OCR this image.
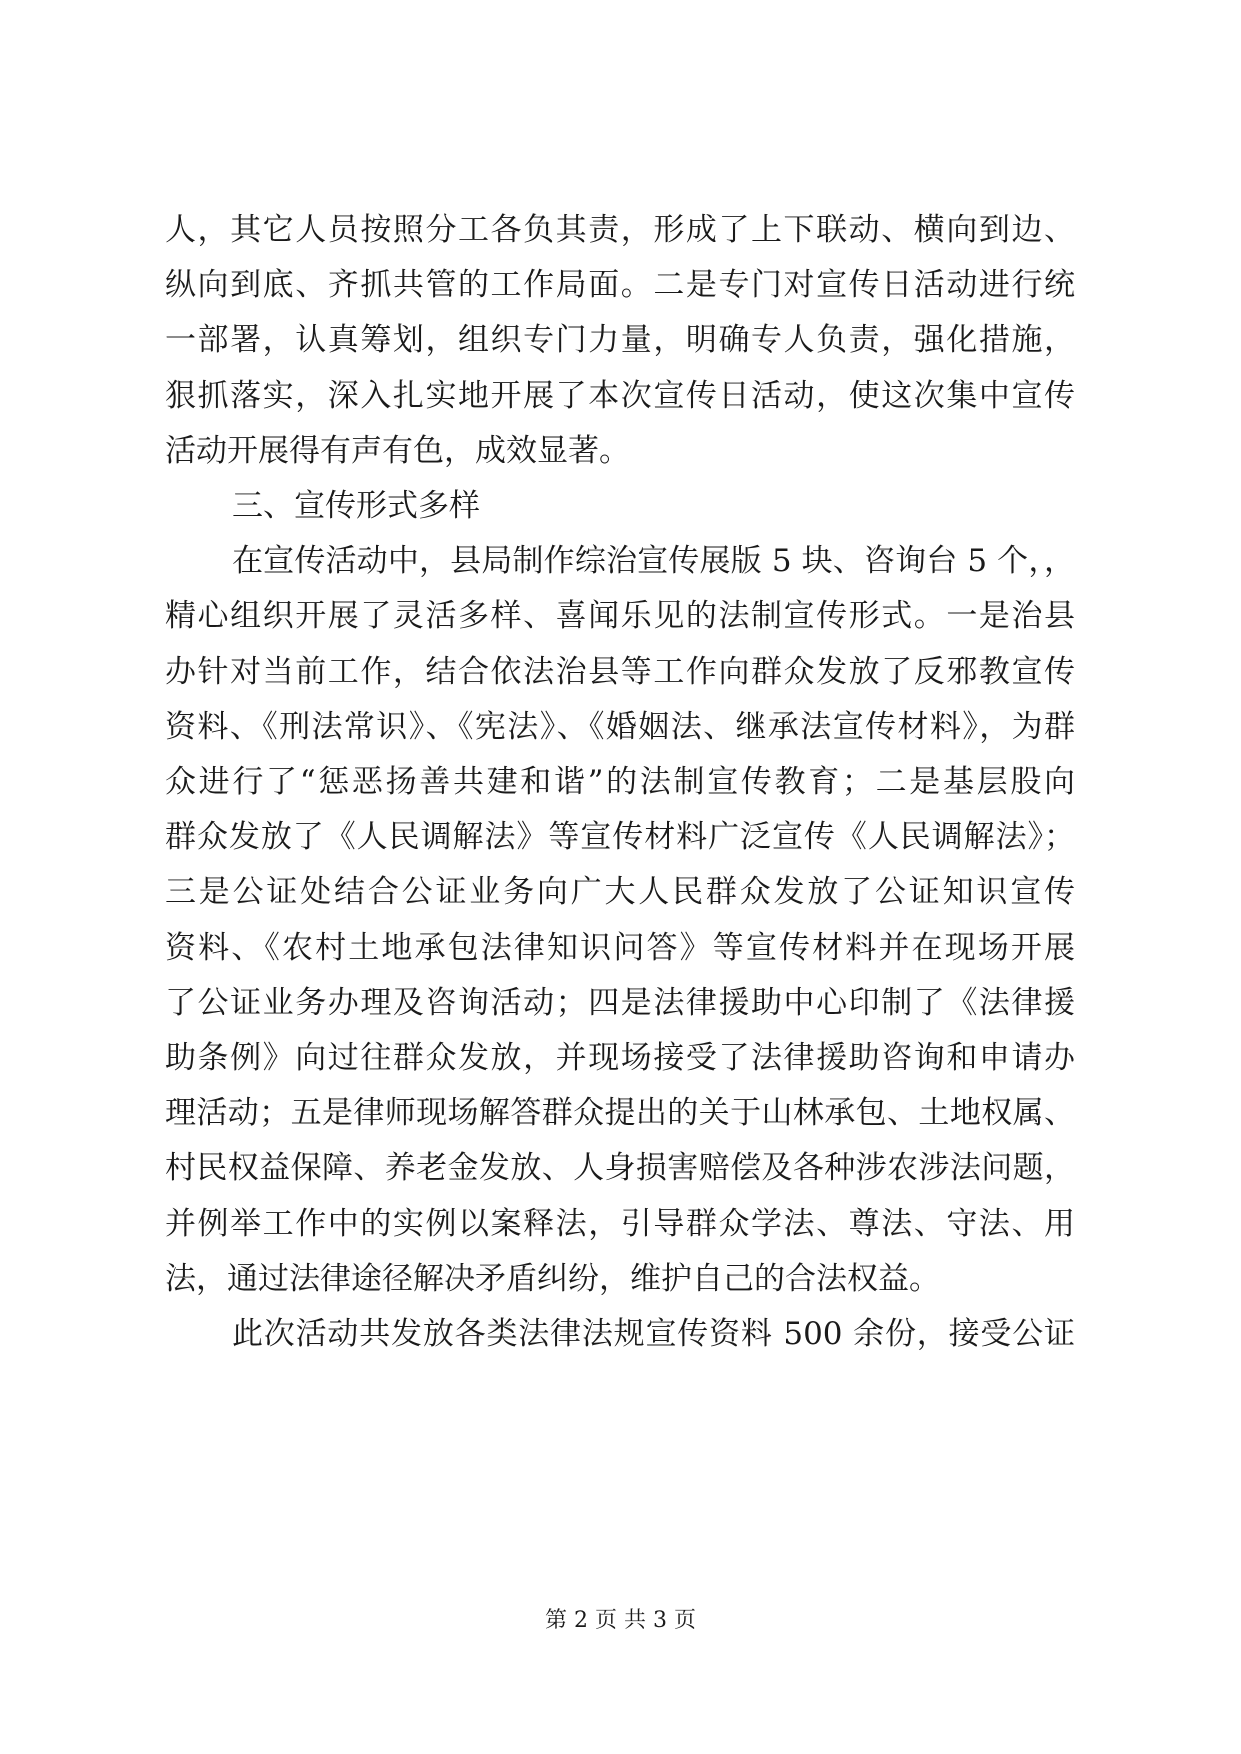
人，其它人员按照分工各负其责，形成了上下联动、横向到边、
纵向到底、齐抓共管的工作局面。二是专门对宣传日活动进行统
一部署，认真筹划，组织专门力量，明确专人负责，强化措施，
狠抓落实，深入扎实地开展了本次宣传日活动，使这次集中宣传
活动开展得有声有色，成效显著。
三、宣传形式多样
在宣传活动中，县局制作综治宣传展版 5 块、咨询台 5 个，，
精心组织开展了灵活多样、喜闻乐见的法制宣传形式。一是治县
办针对当前工作，结合依法治县等工作向群众发放了反邪教宣传
资料、《刑法常识》、《宪法》、《婚姻法、继承法宣传材料》，为群
众进行了“惩恶扬善共建和谐”的法制宣传教育；二是基层股向
群众发放了《人民调解法》等宣传材料广泛宣传《人民调解法》；
三是公证处结合公证业务向广大人民群众发放了公证知识宣传
资料、《农村土地承包法律知识问答》等宣传材料并在现场开展
了公证业务办理及咨询活动；四是法律援助中心印制了《法律援
助条例》向过往群众发放，并现场接受了法律援助咨询和申请办
理活动；五是律师现场解答群众提出的关于山林承包、土地权属、
村民权益保障、养老金发放、人身损害赔偿及各种涉农涉法问题，
并例举工作中的实例以案释法，引导群众学法、尊法、守法、用
法，通过法律途径解决矛盾纠纷，维护自己的合法权益。
此次活动共发放各类法律法规宣传资料 500 余份，接受公证
第 2 页 共 3 页
